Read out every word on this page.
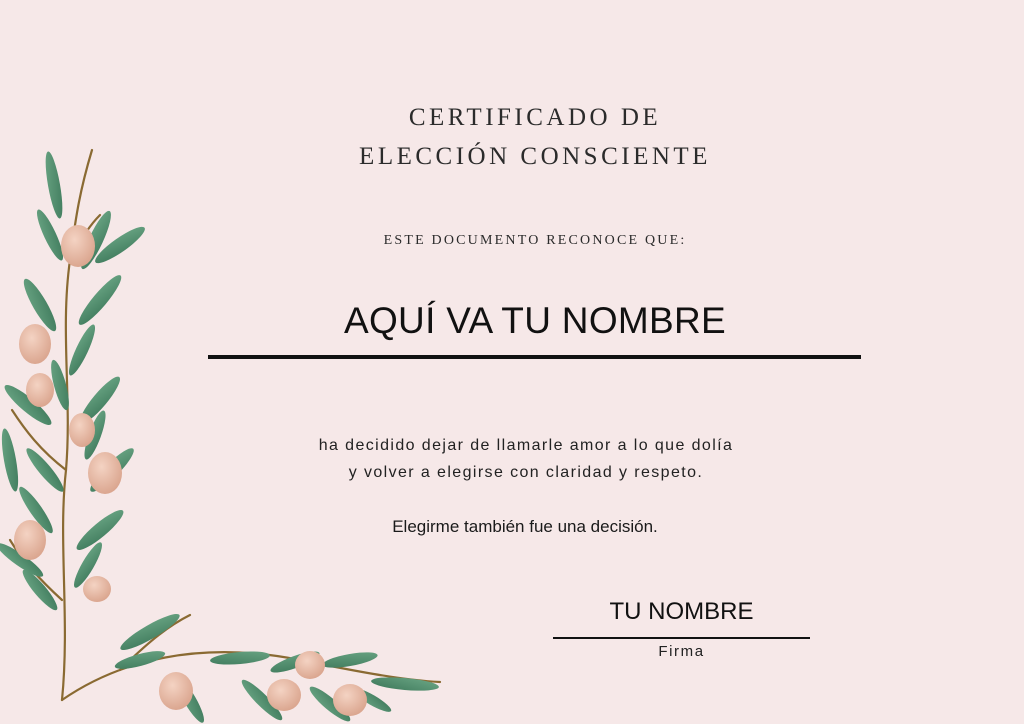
CERTIFICADO DE
ELECCIÓN CONSCIENTE
ESTE DOCUMENTO RECONOCE QUE:
AQUÍ VA TU NOMBRE
ha decidido dejar de llamarle amor a lo que dolía
y volver a elegirse con claridad y respeto.
Elegirme también fue una decisión.
TU NOMBRE
Firma
